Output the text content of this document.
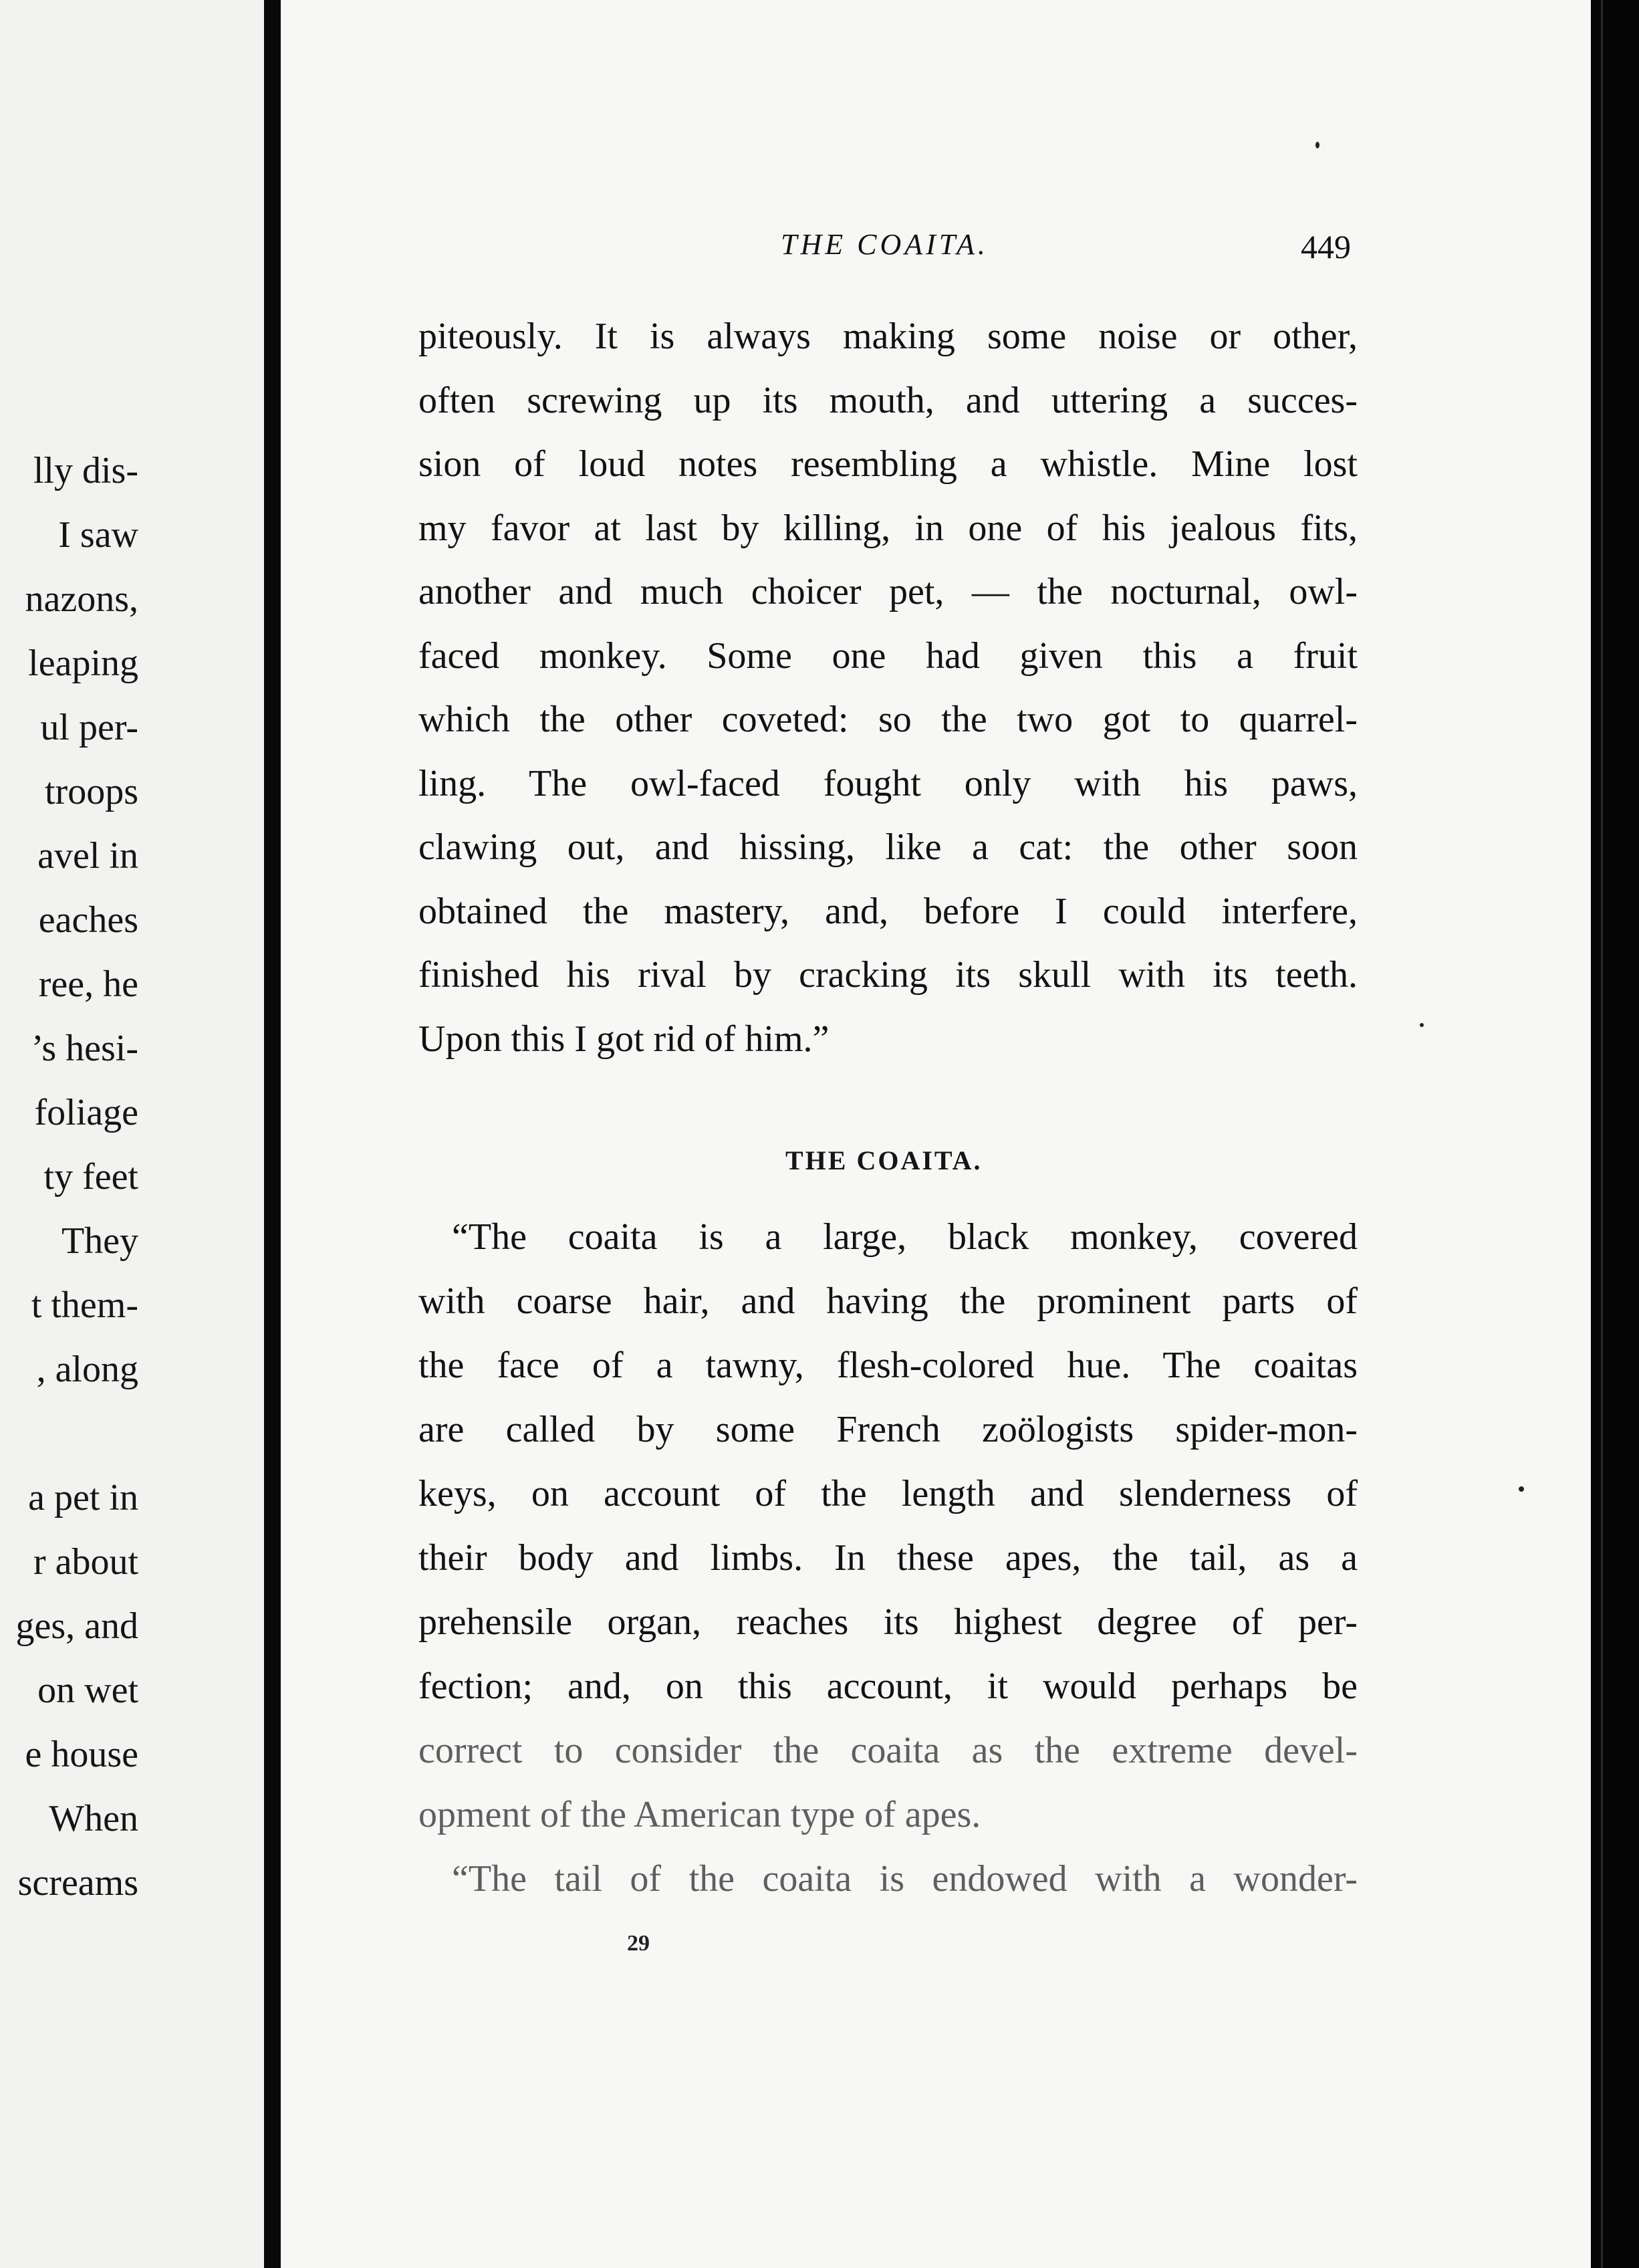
lly dis-
I saw
nazons,
leaping
ul per-
troops
avel in
eaches
ree, he
’s hesi-
foliage
ty feet
They
t them-
, along
a pet in
r about
ges, and
on wet
e house
When
screams
THE COAITA.	449
piteously. It is always making some noise or other,
often screwing up its mouth, and uttering a succes-
sion of loud notes resembling a whistle. Mine lost
my favor at last by killing, in one of his jealous fits,
another and much choicer pet, — the nocturnal, owl-
faced monkey. Some one had given this a fruit
which the other coveted: so the two got to quarrel-
ling. The owl-faced fought only with his paws,
clawing out, and hissing, like a cat: the other soon
obtained the mastery, and, before I could interfere,
finished his rival by cracking its skull with its teeth.
Upon this I got rid of him.”
THE COAITA.
“The coaita is a large, black monkey, covered
with coarse hair, and having the prominent parts of
the face of a tawny, flesh-colored hue. The coaitas
are called by some French zoölogists spider-mon-
keys, on account of the length and slenderness of
their body and limbs. In these apes, the tail, as a
prehensile organ, reaches its highest degree of per-
fection; and, on this account, it would perhaps be
correct to consider the coaita as the extreme devel-
opment of the American type of apes.
“The tail of the coaita is endowed with a wonder-
29
